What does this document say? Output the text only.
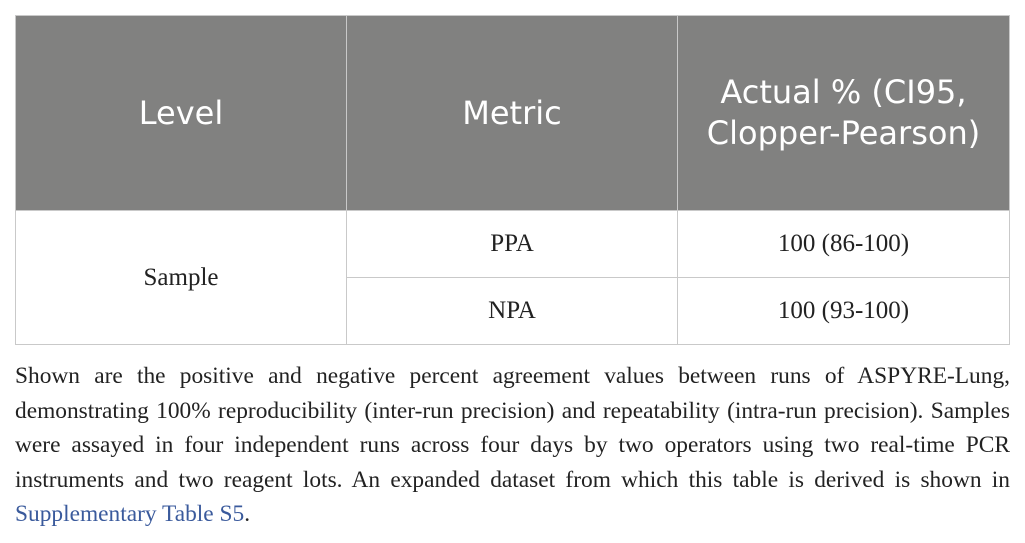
Level	Metric	Actual % (CI95, Clopper-Pearson)
Sample	PPA	100 (86-100)
	NPA	100 (93-100)

Shown are the positive and negative percent agreement values between runs of ASPYRE-Lung, demonstrating 100% reproducibility (inter-run precision) and repeatability (intra-run precision). Samples were assayed in four independent runs across four days by two operators using two real-time PCR instruments and two reagent lots. An expanded dataset from which this table is derived is shown in Supplementary Table S5.
